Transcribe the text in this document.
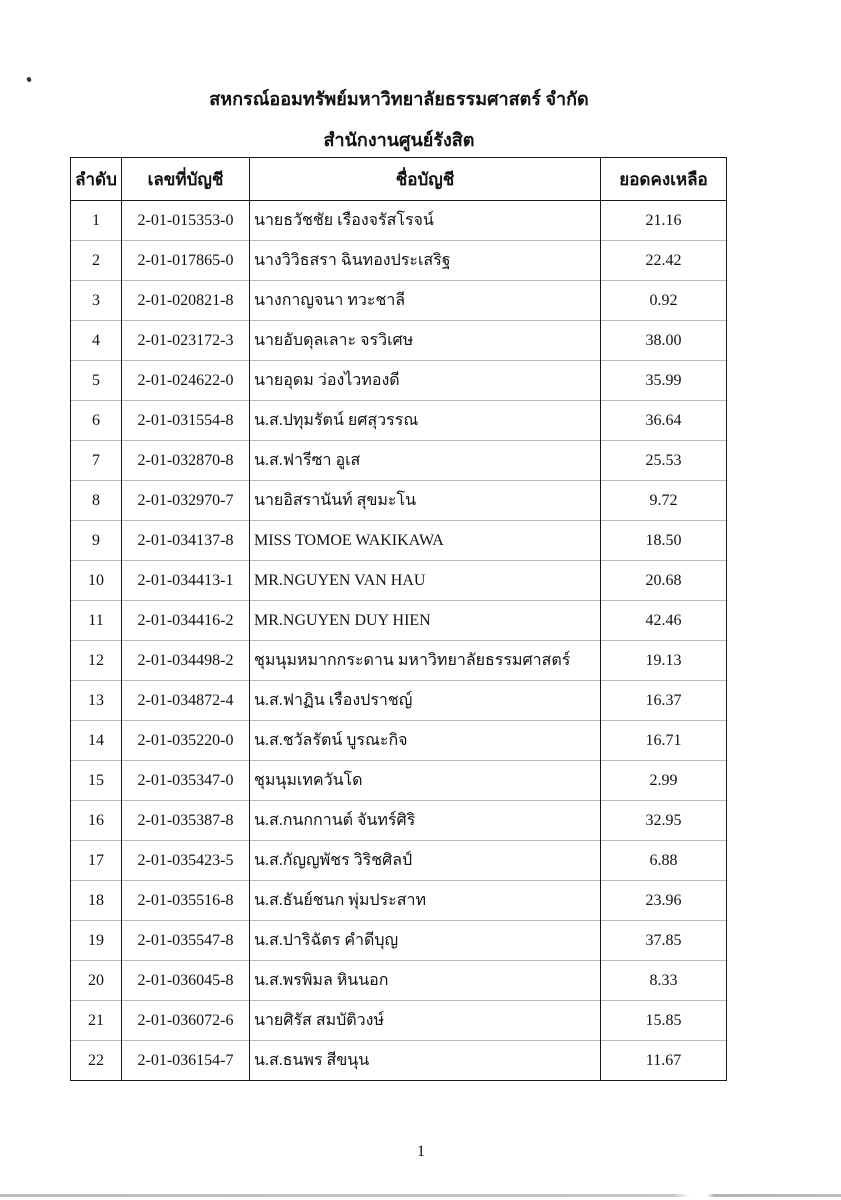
สหกรณ์ออมทรัพย์มหาวิทยาลัยธรรมศาสตร์ จำกัด
สำนักงานศูนย์รังสิต
ลำดับ	เลขที่บัญชี	ชื่อบัญชี	ยอดคงเหลือ
1	2-01-015353-0	นายธวัชชัย เรืองจรัสโรจน์	21.16
2	2-01-017865-0	นางวิวิธสรา ฉินทองประเสริฐ	22.42
3	2-01-020821-8	นางกาญจนา ทวะชาลี	0.92
4	2-01-023172-3	นายอับดุลเลาะ จรวิเศษ	38.00
5	2-01-024622-0	นายอุดม ว่องไวทองดี	35.99
6	2-01-031554-8	น.ส.ปทุมรัตน์ ยศสุวรรณ	36.64
7	2-01-032870-8	น.ส.ฟารีซา อูเส	25.53
8	2-01-032970-7	นายอิสรานันท์ สุขมะโน	9.72
9	2-01-034137-8	MISS TOMOE WAKIKAWA	18.50
10	2-01-034413-1	MR.NGUYEN VAN HAU	20.68
11	2-01-034416-2	MR.NGUYEN DUY HIEN	42.46
12	2-01-034498-2	ชุมนุมหมากกระดาน มหาวิทยาลัยธรรมศาสตร์	19.13
13	2-01-034872-4	น.ส.ฟาฏิน เรืองปราชญ์	16.37
14	2-01-035220-0	น.ส.ชวัลรัตน์ บูรณะกิจ	16.71
15	2-01-035347-0	ชุมนุมเทควันโด	2.99
16	2-01-035387-8	น.ส.กนกกานต์ จันทร์ศิริ	32.95
17	2-01-035423-5	น.ส.กัญญพัชร วิริชศิลป์	6.88
18	2-01-035516-8	น.ส.ธันย์ชนก พุ่มประสาท	23.96
19	2-01-035547-8	น.ส.ปาริฉัตร คำดีบุญ	37.85
20	2-01-036045-8	น.ส.พรพิมล หินนอก	8.33
21	2-01-036072-6	นายศิรัส สมบัติวงษ์	15.85
22	2-01-036154-7	น.ส.ธนพร สีขนุน	11.67
1
